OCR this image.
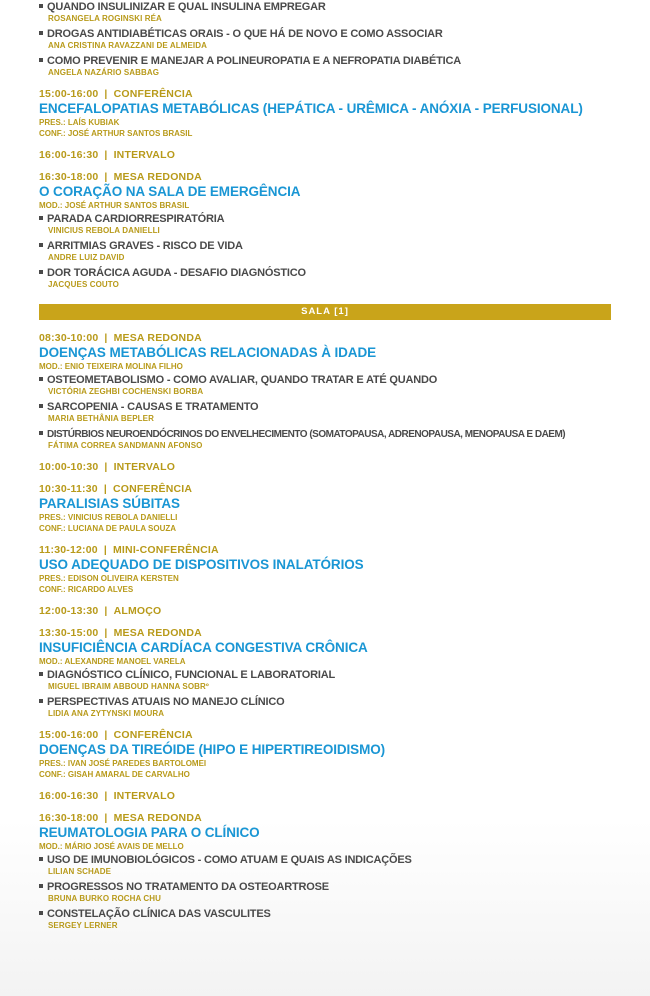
QUANDO INSULINIZAR E QUAL INSULINA EMPREGAR
ROSANGELA ROGINSKI RÉA
DROGAS ANTIDIABÉTICAS ORAIS - O QUE HÁ DE NOVO E COMO ASSOCIAR
ANA CRISTINA RAVAZZANI DE ALMEIDA
COMO PREVENIR E MANEJAR A POLINEUROPATIA E A NEFROPATIA DIABÉTICA
ANGELA NAZÁRIO SABBAG
15:00-16:00 | CONFERÊNCIA
ENCEFALOPATIAS METABÓLICAS (HEPÁTICA - URÊMICA - ANÓXIA - PERFUSIONAL)
PRES.: LAÍS KUBIAK
CONF.: JOSÉ ARTHUR SANTOS BRASIL
16:00-16:30 | INTERVALO
16:30-18:00 | MESA REDONDA
O CORAÇÃO NA SALA DE EMERGÊNCIA
MOD.: JOSÉ ARTHUR SANTOS BRASIL
PARADA CARDIORRESPIRATÓRIA
VINICIUS REBOLA DANIELLI
ARRITMIAS GRAVES - RISCO DE VIDA
ANDRE LUIZ DAVID
DOR TORÁCICA AGUDA - DESAFIO DIAGNÓSTICO
JACQUES COUTO
SALA [1]
08:30-10:00 | MESA REDONDA
DOENÇAS METABÓLICAS RELACIONADAS À IDADE
MOD.: ENIO TEIXEIRA MOLINA FILHO
OSTEOMETABOLISMO - COMO AVALIAR, QUANDO TRATAR E ATÉ QUANDO
VICTÓRIA ZEGHBI COCHENSKI BORBA
SARCOPENIA - CAUSAS E TRATAMENTO
MARIA BETHÂNIA BEPLER
DISTÚRBIOS NEUROENDÓCRINOS DO ENVELHECIMENTO (SOMATOPAUSA, ADRENOPAUSA, MENOPAUSA E DAEM)
FÁTIMA CORREA SANDMANN AFONSO
10:00-10:30 | INTERVALO
10:30-11:30 | CONFERÊNCIA
PARALISIAS SÚBITAS
PRES.: VINICIUS REBOLA DANIELLI
CONF.: LUCIANA DE PAULA SOUZA
11:30-12:00 | MINI-CONFERÊNCIA
USO ADEQUADO DE DISPOSITIVOS INALATÓRIOS
PRES.: EDISON OLIVEIRA KERSTEN
CONF.: RICARDO ALVES
12:00-13:30 | ALMOÇO
13:30-15:00 | MESA REDONDA
INSUFICIÊNCIA CARDÍACA CONGESTIVA CRÔNICA
MOD.: ALEXANDRE MANOEL VARELA
DIAGNÓSTICO CLÍNICO, FUNCIONAL E LABORATORIAL
MIGUEL IBRAIM ABBOUD HANNA SOBRº
PERSPECTIVAS ATUAIS NO MANEJO CLÍNICO
LIDIA ANA ZYTYNSKI MOURA
15:00-16:00 | CONFERÊNCIA
DOENÇAS DA TIREÓIDE (HIPO E HIPERTIREOIDISMO)
PRES.: IVAN JOSÉ PAREDES BARTOLOMEI
CONF.: GISAH AMARAL DE CARVALHO
16:00-16:30 | INTERVALO
16:30-18:00 | MESA REDONDA
REUMATOLOGIA PARA O CLÍNICO
MOD.: MÁRIO JOSÉ AVAIS DE MELLO
USO DE IMUNOBIOLÓGICOS - COMO ATUAM E QUAIS AS INDICAÇÕES
LILIAN SCHADE
PROGRESSOS NO TRATAMENTO DA OSTEOARTROSE
BRUNA BURKO ROCHA CHU
CONSTELAÇÃO CLÍNICA DAS VASCULITES
SERGEY LERNER
